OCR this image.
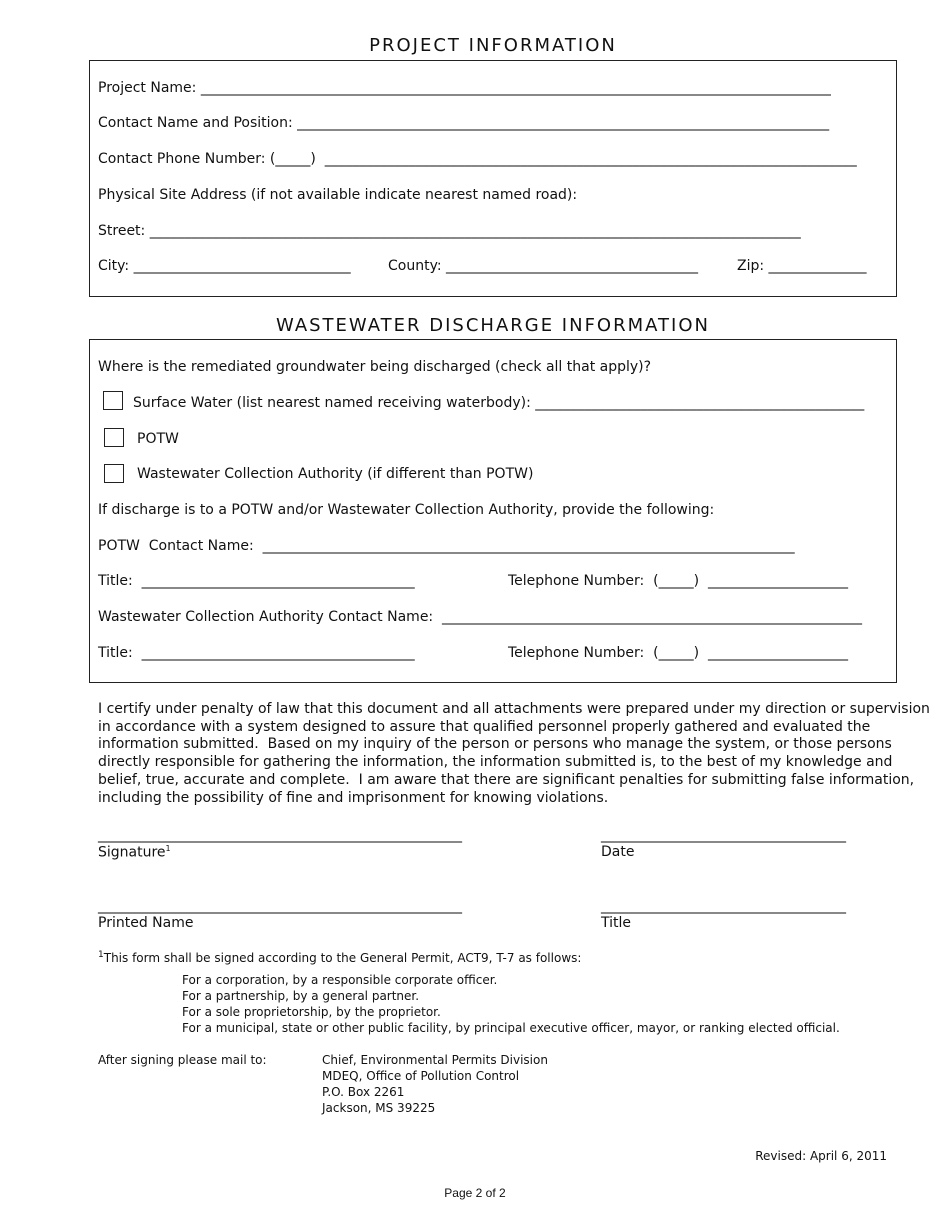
PROJECT INFORMATION
Project Name: __________________________________________________________________________________________
Contact Name and Position: ____________________________________________________________________________
Contact Phone Number: (_____)  ____________________________________________________________________________
Physical Site Address (if not available indicate nearest named road):
Street: _____________________________________________________________________________________________
City: _______________________________	County: ____________________________________	Zip: ______________
WASTEWATER DISCHARGE INFORMATION
Where is the remediated groundwater being discharged (check all that apply)?
Surface Water (list nearest named receiving waterbody): _______________________________________________
POTW
Wastewater Collection Authority (if different than POTW)
If discharge is to a POTW and/or Wastewater Collection Authority, provide the following:
POTW  Contact Name:  ____________________________________________________________________________
Title:  _______________________________________	Telephone Number:  (_____)  ____________________
Wastewater Collection Authority Contact Name:  ____________________________________________________________
Title:  _______________________________________	Telephone Number:  (_____)  ____________________
I certify under penalty of law that this document and all attachments were prepared under my direction or supervision
in accordance with a system designed to assure that qualified personnel properly gathered and evaluated the
information submitted.  Based on my inquiry of the person or persons who manage the system, or those persons
directly responsible for gathering the information, the information submitted is, to the best of my knowledge and
belief, true, accurate and complete.  I am aware that there are significant penalties for submitting false information,
including the possibility of fine and imprisonment for knowing violations.
____________________________________________________
Signature$^1$
___________________________________
Date
____________________________________________________
Printed Name
___________________________________
Title
$^1$This form shall be signed according to the General Permit, ACT9, T-7 as follows:
For a corporation, by a responsible corporate officer.
For a partnership, by a general partner.
For a sole proprietorship, by the proprietor.
For a municipal, state or other public facility, by principal executive officer, mayor, or ranking elected official.
After signing please mail to:	Chief, Environmental Permits Division
MDEQ, Office of Pollution Control
P.O. Box 2261
Jackson, MS 39225
Revised: April 6, 2011
Page 2 of 2
